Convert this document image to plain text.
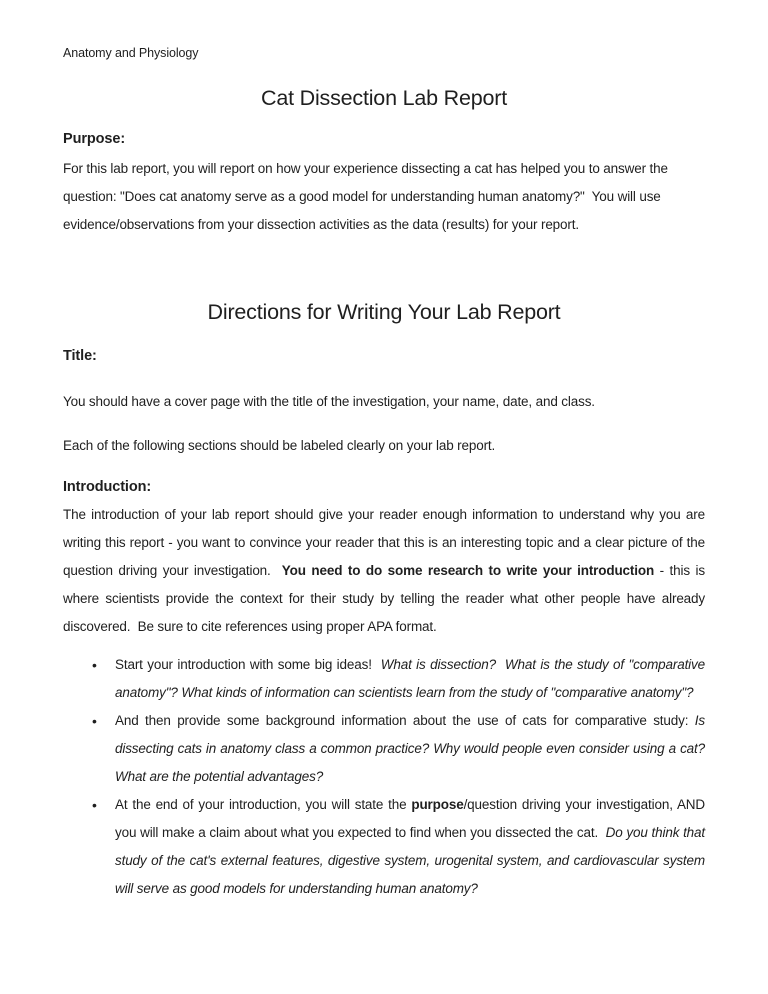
Anatomy and Physiology
Cat Dissection Lab Report
Purpose:
For this lab report, you will report on how your experience dissecting a cat has helped you to answer the question: "Does cat anatomy serve as a good model for understanding human anatomy?"  You will use evidence/observations from your dissection activities as the data (results) for your report.
Directions for Writing Your Lab Report
Title:
You should have a cover page with the title of the investigation, your name, date, and class.
Each of the following sections should be labeled clearly on your lab report.
Introduction:
The introduction of your lab report should give your reader enough information to understand why you are writing this report - you want to convince your reader that this is an interesting topic and a clear picture of the question driving your investigation.  You need to do some research to write your introduction - this is where scientists provide the context for their study by telling the reader what other people have already discovered.  Be sure to cite references using proper APA format.
•	Start your introduction with some big ideas!  What is dissection?  What is the study of "comparative anatomy"? What kinds of information can scientists learn from the study of "comparative anatomy"?
•	And then provide some background information about the use of cats for comparative study: Is dissecting cats in anatomy class a common practice? Why would people even consider using a cat? What are the potential advantages?
•	At the end of your introduction, you will state the purpose/question driving your investigation, AND you will make a claim about what you expected to find when you dissected the cat.  Do you think that study of the cat's external features, digestive system, urogenital system, and cardiovascular system will serve as good models for understanding human anatomy?
